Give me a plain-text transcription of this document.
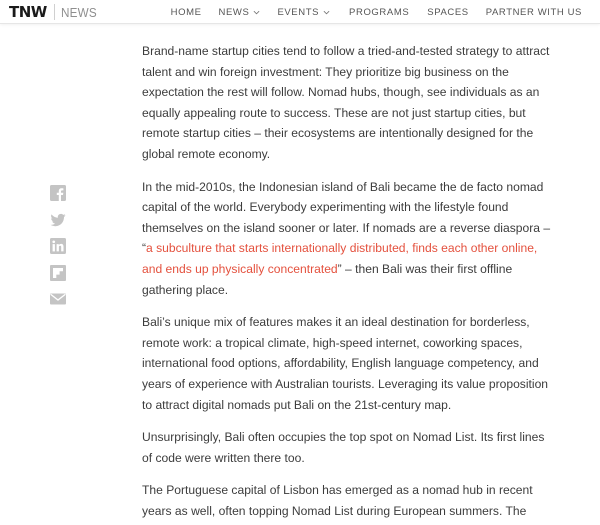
TNW NEWS	HOME NEWS	EVENTS	PROGRAMS SPACES PARTNER WITH US

Brand-name startup cities tend to follow a tried-and-tested strategy to attract talent and win foreign investment: They prioritize big business on the expectation the rest will follow. Nomad hubs, though, see individuals as an equally appealing route to success. These are not just startup cities, but remote startup cities – their ecosystems are intentionally designed for the global remote economy.

In the mid-2010s, the Indonesian island of Bali became the de facto nomad capital of the world. Everybody experimenting with the lifestyle found themselves on the island sooner or later. If nomads are a reverse diaspora – “a subculture that starts internationally distributed, finds each other online, and ends up physically concentrated” – then Bali was their first offline gathering place.

Bali’s unique mix of features makes it an ideal destination for borderless, remote work: a tropical climate, high-speed internet, coworking spaces, international food options, affordability, English language competency, and years of experience with Australian tourists. Leveraging its value proposition to attract digital nomads put Bali on the 21st-century map.

Unsurprisingly, Bali often occupies the top spot on Nomad List. Its first lines of code were written there too.

The Portuguese capital of Lisbon has emerged as a nomad hub in recent years as well, often topping Nomad List during European summers. The
